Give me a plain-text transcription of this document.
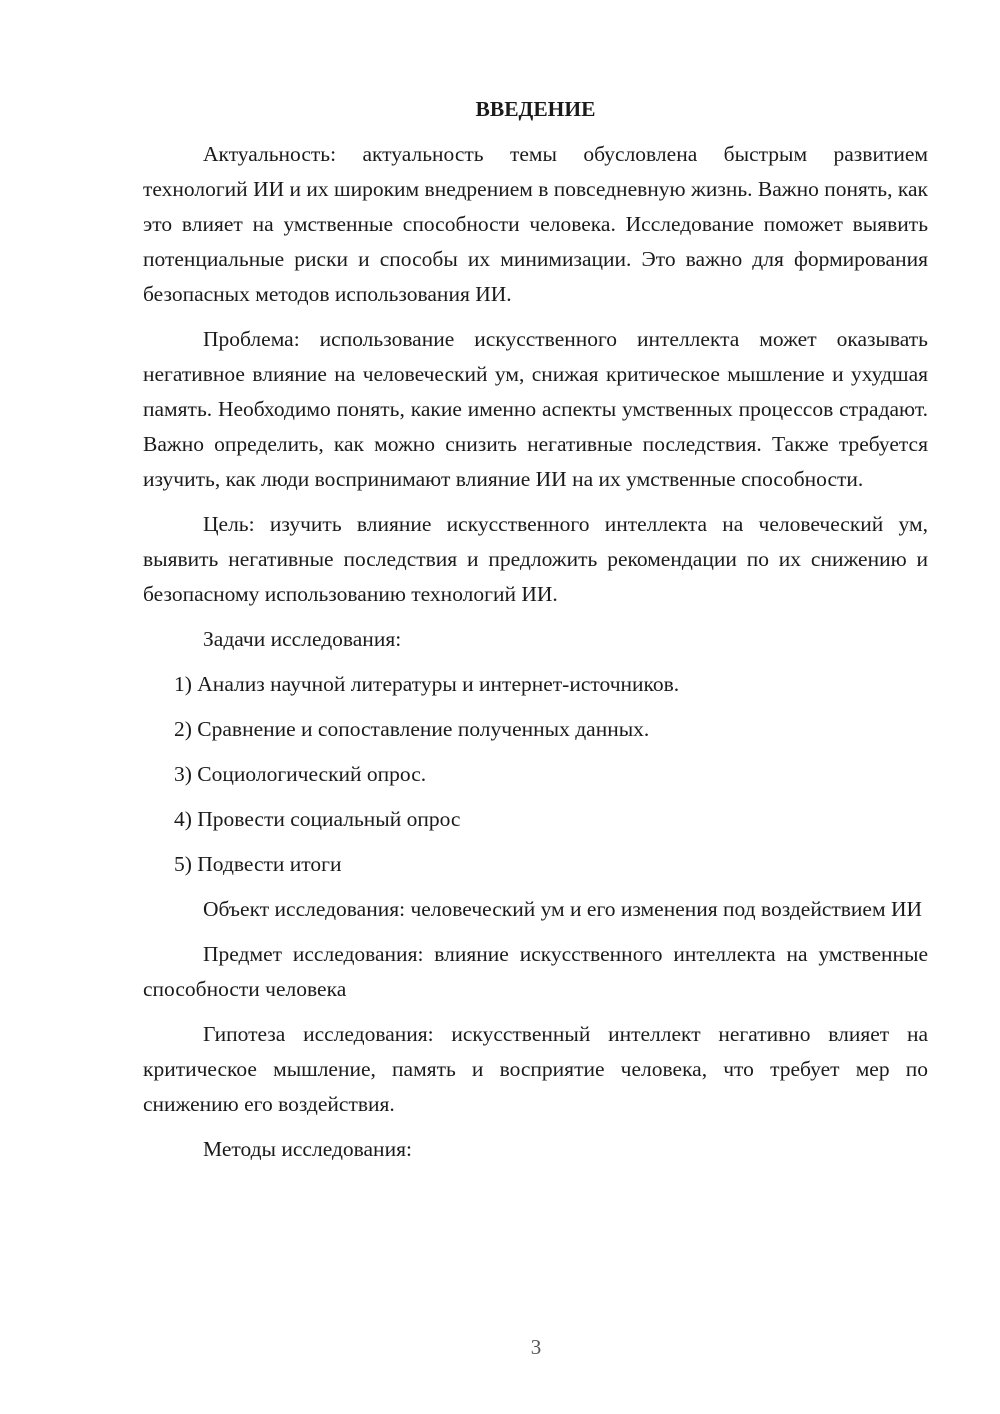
ВВЕДЕНИЕ

Актуальность: актуальность темы обусловлена быстрым развитием технологий ИИ и их широким внедрением в повседневную жизнь. Важно понять, как это влияет на умственные способности человека. Исследование поможет выявить потенциальные риски и способы их минимизации. Это важно для формирования безопасных методов использования ИИ.

Проблема: использование искусственного интеллекта может оказывать негативное влияние на человеческий ум, снижая критическое мышление и ухудшая память. Необходимо понять, какие именно аспекты умственных процессов страдают. Важно определить, как можно снизить негативные последствия. Также требуется изучить, как люди воспринимают влияние ИИ на их умственные способности.

Цель: изучить влияние искусственного интеллекта на человеческий ум, выявить негативные последствия и предложить рекомендации по их снижению и безопасному использованию технологий ИИ.

Задачи исследования:

1) Анализ научной литературы и интернет-источников.
2) Сравнение и сопоставление полученных данных.
3) Социологический опрос.
4) Провести социальный опрос
5) Подвести итоги

Объект исследования: человеческий ум и его изменения под воздействием ИИ

Предмет исследования: влияние искусственного интеллекта на умственные способности человека

Гипотеза исследования: искусственный интеллект негативно влияет на критическое мышление, память и восприятие человека, что требует мер по снижению его воздействия.

Методы исследования:

3
